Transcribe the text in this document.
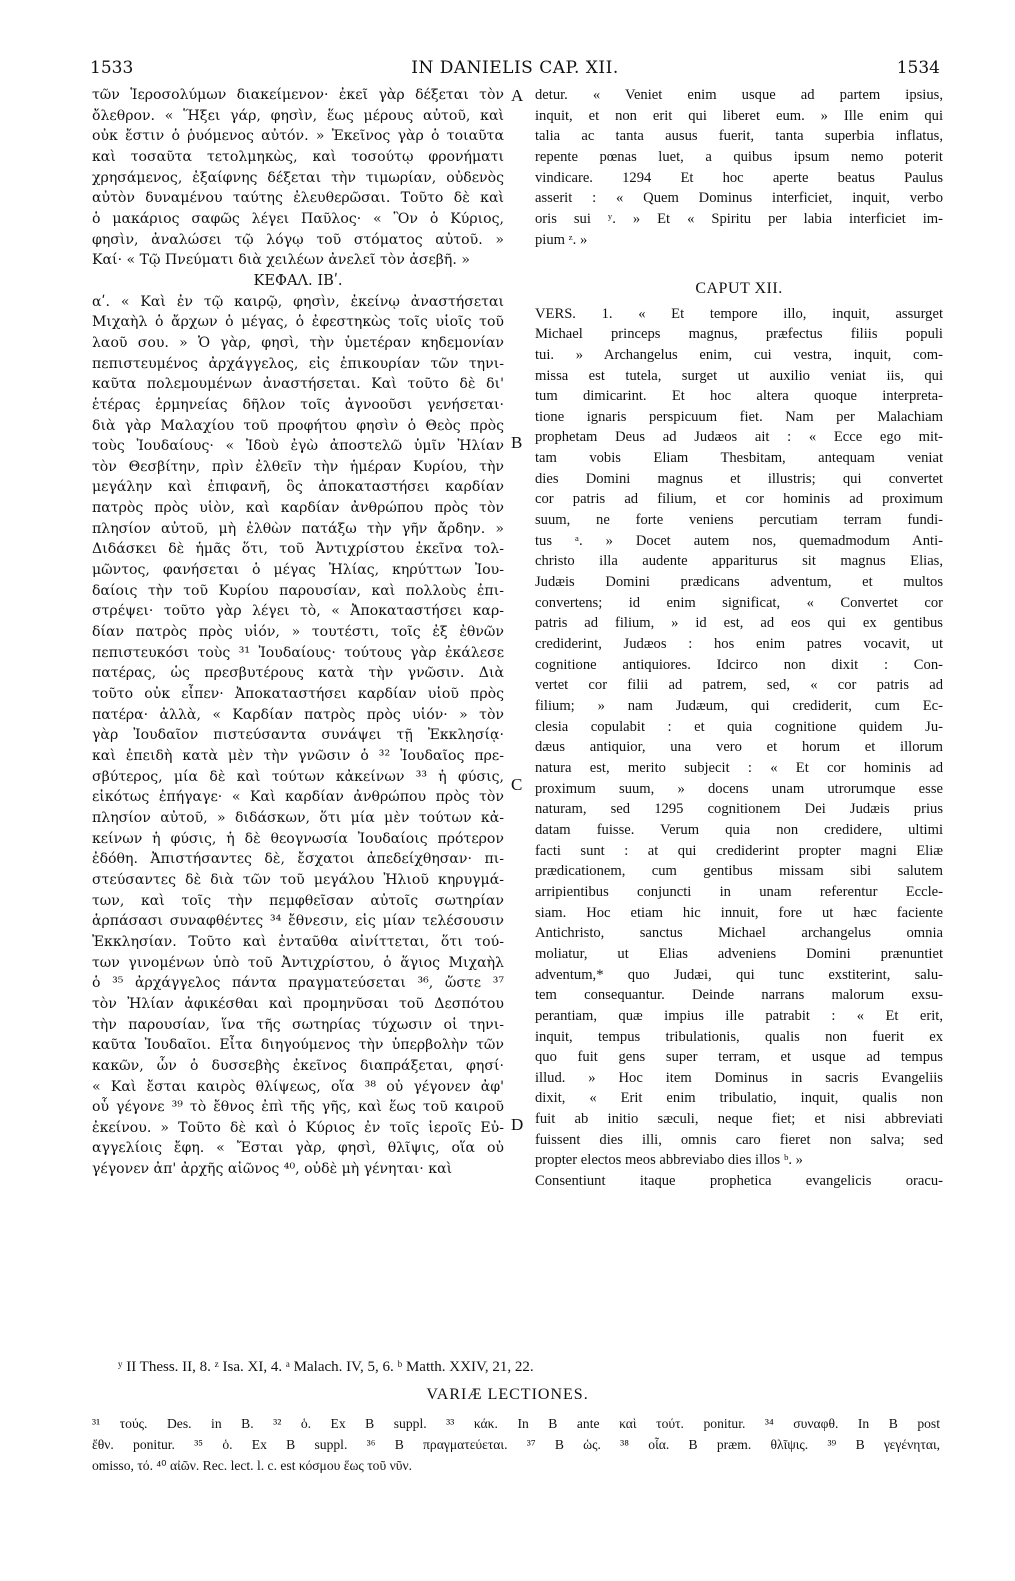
1533	IN DANIELIS CAP. XII.	1534
A
B
C
D

τῶν Ἱεροσολύμων διακείμενον· ἐκεῖ γὰρ δέξεται τὸν

ὄλεθρον. « Ἥξει γάρ, φησὶν, ἕως μέρους αὐτοῦ, καὶ

οὐκ ἔστιν ὁ ῥυόμενος αὐτόν. » Ἐκεῖνος γὰρ ὁ τοιαῦτα

καὶ τοσαῦτα τετολμηκὼς, καὶ τοσούτῳ φρονήματι

χρησάμενος, ἐξαίφνης δέξεται τὴν τιμωρίαν, οὐδενὸς

αὐτὸν δυναμένου ταύτης ἐλευθερῶσαι. Τοῦτο δὲ καὶ

ὁ μακάριος σαφῶς λέγει Παῦλος· « Ὃν ὁ Κύριος,

φησὶν, ἀναλώσει τῷ λόγῳ τοῦ στόματος αὐτοῦ. »

Καί· « Τῷ Πνεύματι διὰ χειλέων ἀνελεῖ τὸν ἀσεβῆ. »

ΚΕΦΑΛ. ΙΒʹ.

αʹ. « Καὶ ἐν τῷ καιρῷ, φησὶν, ἐκείνῳ ἀναστήσεται

Μιχαὴλ ὁ ἄρχων ὁ μέγας, ὁ ἐφεστηκὼς τοῖς υἱοῖς τοῦ

λαοῦ σου. » Ὁ γὰρ, φησὶ, τὴν ὑμετέραν κηδεμονίαν

πεπιστευμένος ἀρχάγγελος, εἰς ἐπικουρίαν τῶν τηνι-

καῦτα πολεμουμένων ἀναστήσεται. Καὶ τοῦτο δὲ δι'

ἑτέρας ἑρμηνείας δῆλον τοῖς ἀγνοοῦσι γενήσεται·

διὰ γὰρ Μαλαχίου τοῦ προφήτου φησὶν ὁ Θεὸς πρὸς

τοὺς Ἰουδαίους· « Ἰδοὺ ἐγὼ ἀποστελῶ ὑμῖν Ἠλίαν

τὸν Θεσβίτην, πρὶν ἐλθεῖν τὴν ἡμέραν Κυρίου, τὴν

μεγάλην καὶ ἐπιφανῆ, ὃς ἀποκαταστήσει καρδίαν

πατρὸς πρὸς υἱὸν, καὶ καρδίαν ἀνθρώπου πρὸς τὸν

πλησίον αὐτοῦ, μὴ ἐλθὼν πατάξω τὴν γῆν ἄρδην. »

Διδάσκει δὲ ἡμᾶς ὅτι, τοῦ Ἀντιχρίστου ἐκεῖνα τολ-

μῶντος, φανήσεται ὁ μέγας Ἠλίας, κηρύττων Ἰου-

δαίοις τὴν τοῦ Κυρίου παρουσίαν, καὶ πολλοὺς ἐπι-

στρέψει· τοῦτο γὰρ λέγει τὸ, « Ἀποκαταστήσει καρ-

δίαν πατρὸς πρὸς υἱόν, » τουτέστι, τοῖς ἐξ ἐθνῶν

πεπιστευκόσι τοὺς ³¹ Ἰουδαίους· τούτους γὰρ ἐκάλεσε

πατέρας, ὡς πρεσβυτέρους κατὰ τὴν γνῶσιν. Διὰ

τοῦτο οὐκ εἶπεν· Ἀποκαταστήσει καρδίαν υἱοῦ πρὸς

πατέρα· ἀλλὰ, « Καρδίαν πατρὸς πρὸς υἱόν· » τὸν

γὰρ Ἰουδαῖον πιστεύσαντα συνάψει τῇ Ἐκκλησίᾳ·

καὶ ἐπειδὴ κατὰ μὲν τὴν γνῶσιν ὁ ³² Ἰουδαῖος πρε-

σβύτερος, μία δὲ καὶ τούτων κἀκείνων ³³ ἡ φύσις,

εἰκότως ἐπήγαγε· « Καὶ καρδίαν ἀνθρώπου πρὸς τὸν

πλησίον αὐτοῦ, » διδάσκων, ὅτι μία μὲν τούτων κἀ-

κείνων ἡ φύσις, ἡ δὲ θεογνωσία Ἰουδαίοις πρότερον

ἐδόθη. Ἀπιστήσαντες δὲ, ἔσχατοι ἀπεδείχθησαν· πι-

στεύσαντες δὲ διὰ τῶν τοῦ μεγάλου Ἠλιοῦ κηρυγμά-

των, καὶ τοῖς τὴν πεμφθεῖσαν αὐτοῖς σωτηρίαν

ἁρπάσασι συναφθέντες ³⁴ ἔθνεσιν, εἰς μίαν τελέσουσιν

Ἐκκλησίαν. Τοῦτο καὶ ἐνταῦθα αἰνίττεται, ὅτι τού-

των γινομένων ὑπὸ τοῦ Ἀντιχρίστου, ὁ ἅγιος Μιχαὴλ

ὁ ³⁵ ἀρχάγγελος πάντα πραγματεύσεται ³⁶, ὥστε ³⁷

τὸν Ἠλίαν ἀφικέσθαι καὶ προμηνῦσαι τοῦ Δεσπότου

τὴν παρουσίαν, ἵνα τῆς σωτηρίας τύχωσιν οἱ τηνι-

καῦτα Ἰουδαῖοι. Εἶτα διηγούμενος τὴν ὑπερβολὴν τῶν

κακῶν, ὧν ὁ δυσσεβὴς ἐκεῖνος διαπράξεται, φησί·

« Καὶ ἔσται καιρὸς θλίψεως, οἵα ³⁸ οὐ γέγονεν ἀφ'

οὗ γέγονε ³⁹ τὸ ἔθνος ἐπὶ τῆς γῆς, καὶ ἕως τοῦ καιροῦ

ἐκείνου. » Τοῦτο δὲ καὶ ὁ Κύριος ἐν τοῖς ἱεροῖς Εὐ-

αγγελίοις ἔφη. « Ἔσται γὰρ, φησὶ, θλῖψις, οἵα οὐ

γέγονεν ἀπ' ἀρχῆς αἰῶνος ⁴⁰, οὐδὲ μὴ γένηται· καὶ

detur. « Veniet enim usque ad partem ipsius,

inquit, et non erit qui liberet eum. » Ille enim qui

talia ac tanta ausus fuerit, tanta superbia inflatus,

repente pœnas luet, a quibus ipsum nemo poterit

vindicare. 1294 Et hoc aperte beatus Paulus

asserit : « Quem Dominus interficiet, inquit, verbo

oris sui ʸ. » Et « Spiritu per labia interficiet im-

pium ᶻ. »

CAPUT XII.

VERS. 1. « Et tempore illo, inquit, assurget

Michael princeps magnus, præfectus filiis populi

tui. » Archangelus enim, cui vestra, inquit, com-

missa est tutela, surget ut auxilio veniat iis, qui

tum dimicarint. Et hoc altera quoque interpreta-

tione ignaris perspicuum fiet. Nam per Malachiam

prophetam Deus ad Judæos ait : « Ecce ego mit-

tam vobis Eliam Thesbitam, antequam veniat

dies Domini magnus et illustris; qui convertet

cor patris ad filium, et cor hominis ad proximum

suum, ne forte veniens percutiam terram fundi-

tus ᵃ. » Docet autem nos, quemadmodum Anti-

christo illa audente appariturus sit magnus Elias,

Judæis Domini prædicans adventum, et multos

convertens; id enim significat, « Convertet cor

patris ad filium, » id est, ad eos qui ex gentibus

crediderint, Judæos : hos enim patres vocavit, ut

cognitione antiquiores. Idcirco non dixit : Con-

vertet cor filii ad patrem, sed, « cor patris ad

filium; » nam Judæum, qui crediderit, cum Ec-

clesia copulabit : et quia cognitione quidem Ju-

dæus antiquior, una vero et horum et illorum

natura est, merito subjecit : « Et cor hominis ad

proximum suum, » docens unam utrorumque esse

naturam, sed 1295 cognitionem Dei Judæis prius

datam fuisse. Verum quia non credidere, ultimi

facti sunt : at qui crediderint propter magni Eliæ

prædicationem, cum gentibus missam sibi salutem

arripientibus conjuncti in unam referentur Eccle-

siam. Hoc etiam hic innuit, fore ut hæc faciente

Antichristo, sanctus Michael archangelus omnia

moliatur, ut Elias adveniens Domini prænuntiet

adventum,* quo Judæi, qui tunc exstiterint, salu-

tem consequantur. Deinde narrans malorum exsu-

perantiam, quæ impius ille patrabit : « Et erit,

inquit, tempus tribulationis, qualis non fuerit ex

quo fuit gens super terram, et usque ad tempus

illud. » Hoc item Dominus in sacris Evangeliis

dixit, « Erit enim tribulatio, inquit, qualis non

fuit ab initio sæculi, neque fiet; et nisi abbreviati

fuissent dies illi, omnis caro fieret non salva; sed

propter electos meos abbreviabo dies illos ᵇ. »

Consentiunt itaque prophetica evangelicis oracu-

ʸ II Thess. II, 8. ᶻ Isa. XI, 4. ᵃ Malach. IV, 5, 6. ᵇ Matth. XXIV, 21, 22.
VARIÆ LECTIONES.

³¹ τούς. Des. in B. ³² ὁ. Ex B suppl. ³³ κάκ. In B ante καὶ τούτ. ponitur. ³⁴ συναφθ. In B post

ἔθν. ponitur. ³⁵ ὁ. Ex B suppl. ³⁶ B πραγματεύεται. ³⁷ B ὡς. ³⁸ οἷα. B præm. θλῖψις. ³⁹ B γεγένηται,

omisso, τό. ⁴⁰ αἰῶν. Rec. lect. l. c. est κόσμου ἕως τοῦ νῦν.
